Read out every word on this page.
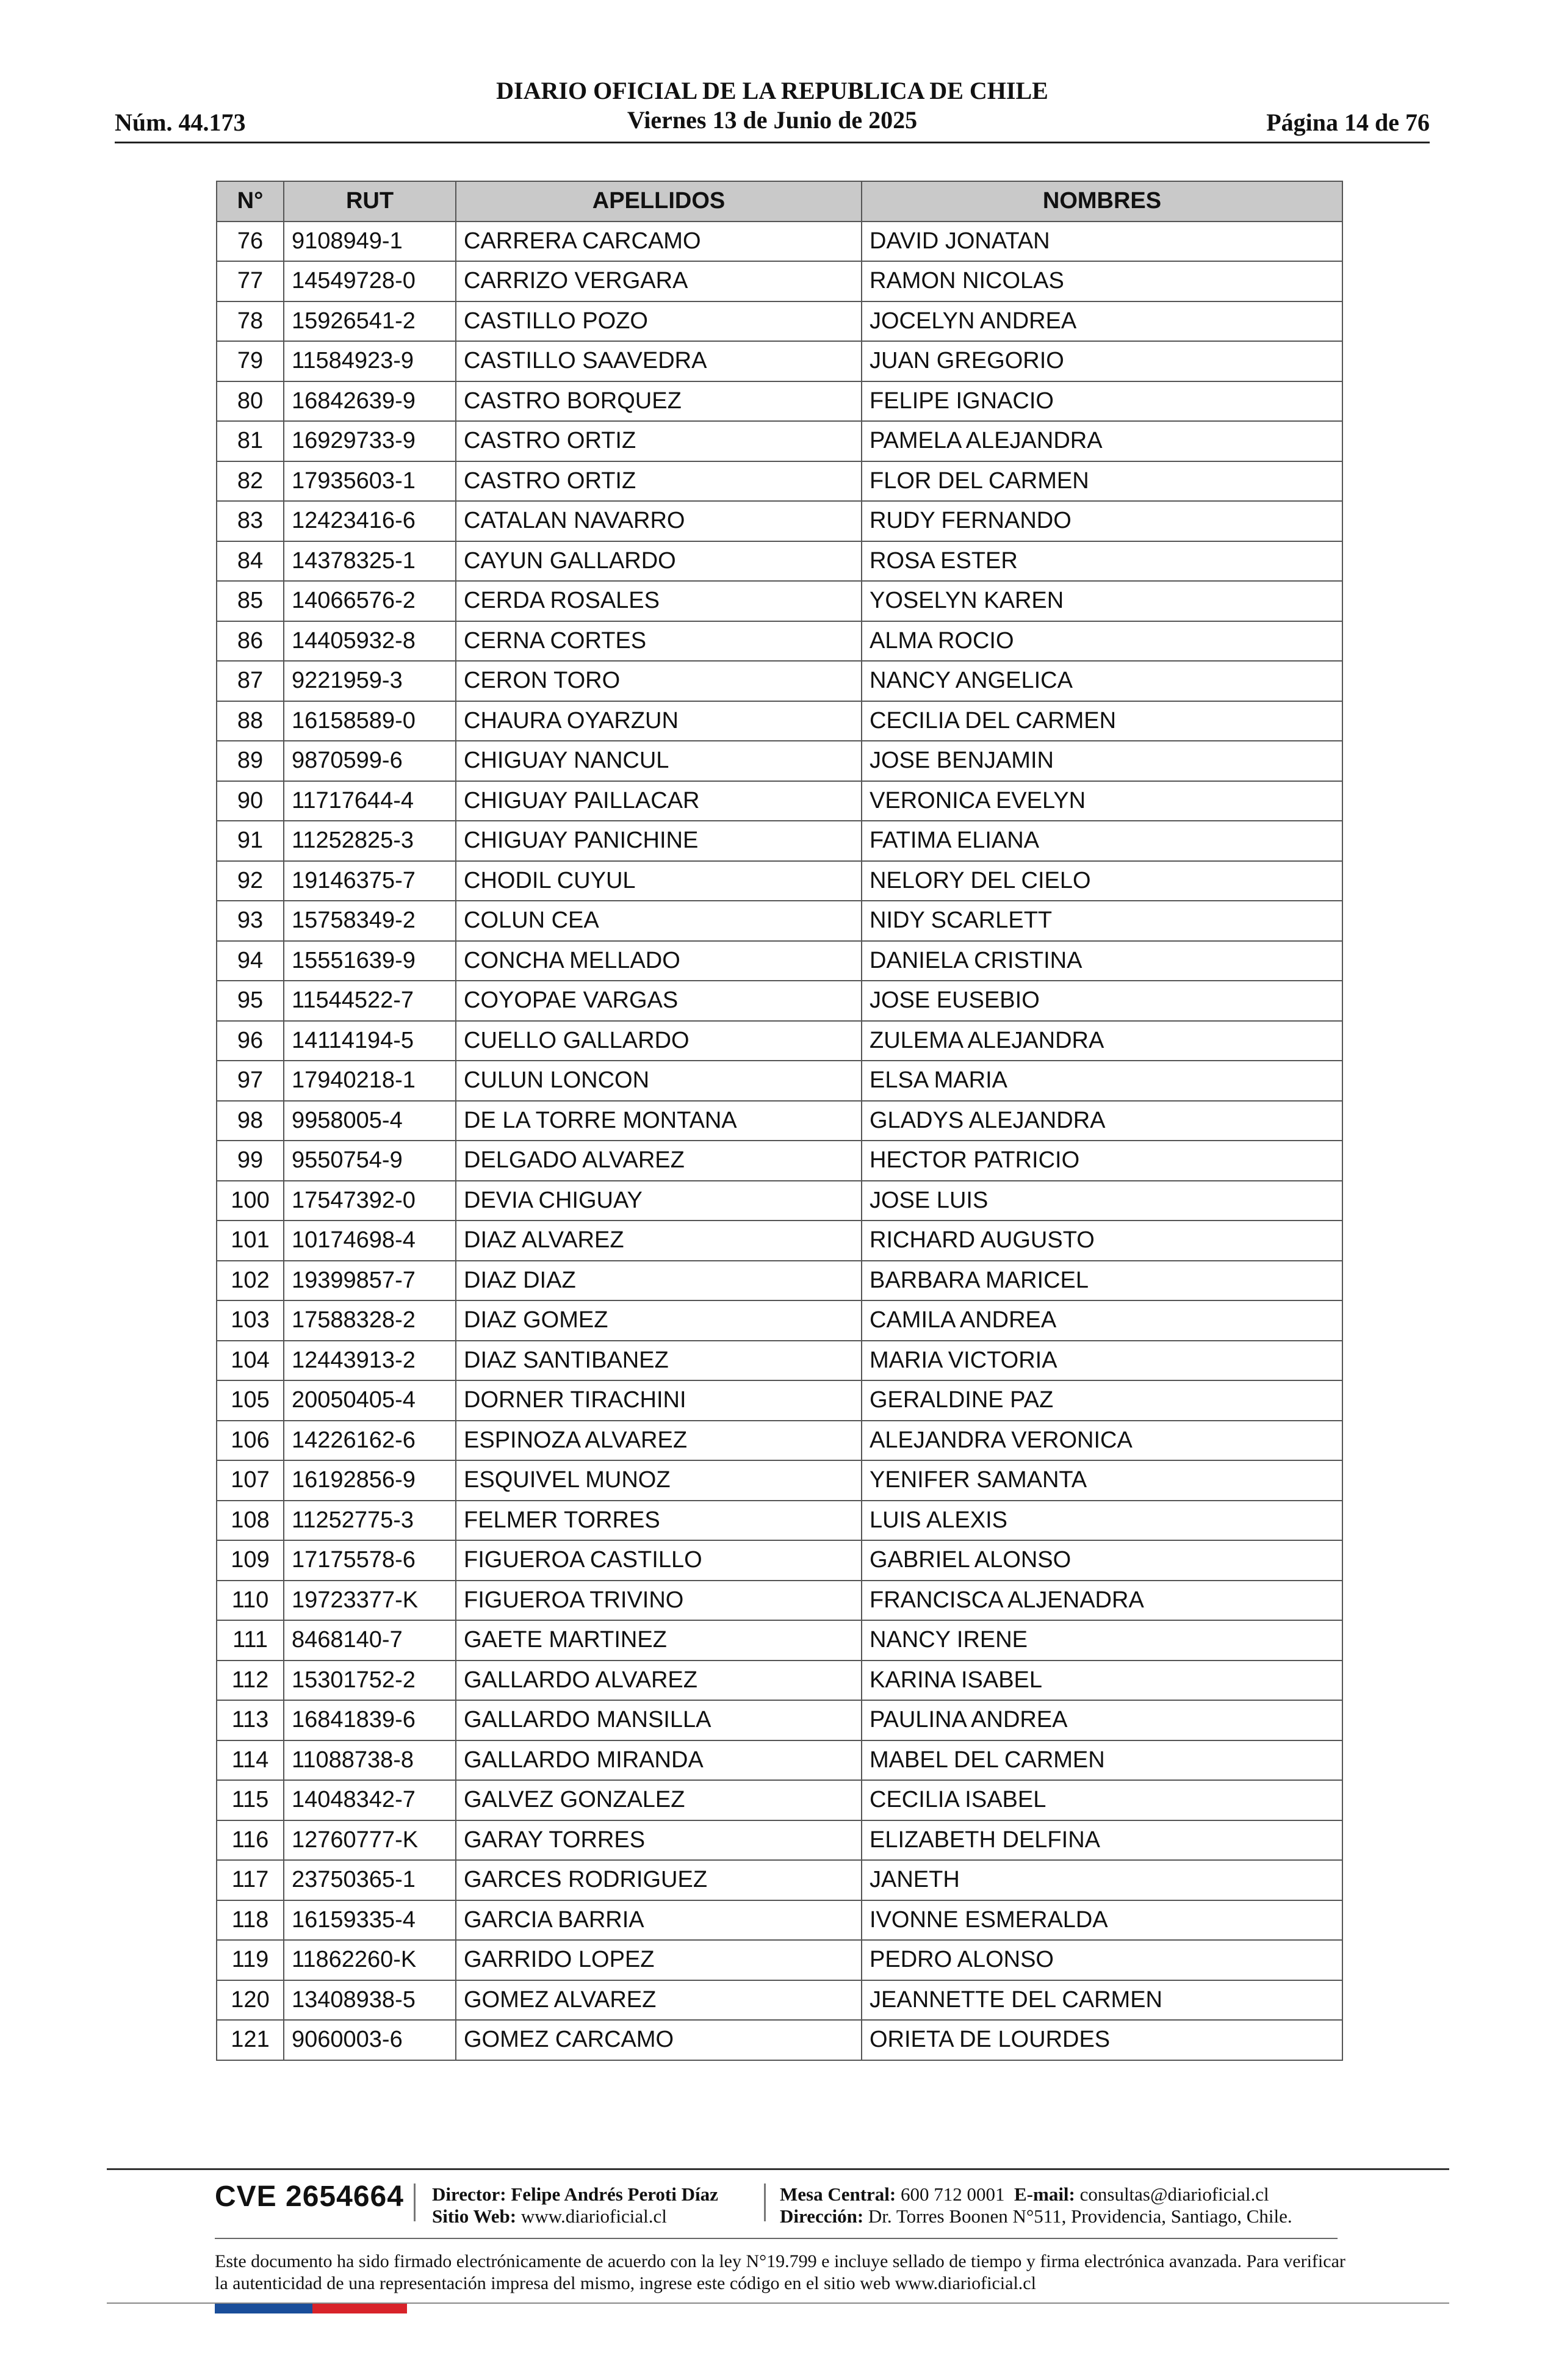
Núm. 44.173
DIARIO OFICIAL DE LA REPUBLICA DE CHILE
Viernes 13 de Junio de 2025	Página 14 de 76
N°	RUT	APELLIDOS	NOMBRES
76	9108949-1	CARRERA CARCAMO	DAVID JONATAN
77	14549728-0	CARRIZO VERGARA	RAMON NICOLAS
78	15926541-2	CASTILLO POZO	JOCELYN ANDREA
79	11584923-9	CASTILLO SAAVEDRA	JUAN GREGORIO
80	16842639-9	CASTRO BORQUEZ	FELIPE IGNACIO
81	16929733-9	CASTRO ORTIZ	PAMELA ALEJANDRA
82	17935603-1	CASTRO ORTIZ	FLOR DEL CARMEN
83	12423416-6	CATALAN NAVARRO	RUDY FERNANDO
84	14378325-1	CAYUN GALLARDO	ROSA ESTER
85	14066576-2	CERDA ROSALES	YOSELYN KAREN
86	14405932-8	CERNA CORTES	ALMA ROCIO
87	9221959-3	CERON TORO	NANCY ANGELICA
88	16158589-0	CHAURA OYARZUN	CECILIA DEL CARMEN
89	9870599-6	CHIGUAY NANCUL	JOSE BENJAMIN
90	11717644-4	CHIGUAY PAILLACAR	VERONICA EVELYN
91	11252825-3	CHIGUAY PANICHINE	FATIMA ELIANA
92	19146375-7	CHODIL CUYUL	NELORY DEL CIELO
93	15758349-2	COLUN CEA	NIDY SCARLETT
94	15551639-9	CONCHA MELLADO	DANIELA CRISTINA
95	11544522-7	COYOPAE VARGAS	JOSE EUSEBIO
96	14114194-5	CUELLO GALLARDO	ZULEMA ALEJANDRA
97	17940218-1	CULUN LONCON	ELSA MARIA
98	9958005-4	DE LA TORRE MONTANA	GLADYS ALEJANDRA
99	9550754-9	DELGADO ALVAREZ	HECTOR PATRICIO
100	17547392-0	DEVIA CHIGUAY	JOSE LUIS
101	10174698-4	DIAZ ALVAREZ	RICHARD AUGUSTO
102	19399857-7	DIAZ DIAZ	BARBARA MARICEL
103	17588328-2	DIAZ GOMEZ	CAMILA ANDREA
104	12443913-2	DIAZ SANTIBANEZ	MARIA VICTORIA
105	20050405-4	DORNER TIRACHINI	GERALDINE PAZ
106	14226162-6	ESPINOZA ALVAREZ	ALEJANDRA VERONICA
107	16192856-9	ESQUIVEL MUNOZ	YENIFER SAMANTA
108	11252775-3	FELMER TORRES	LUIS ALEXIS
109	17175578-6	FIGUEROA CASTILLO	GABRIEL ALONSO
110	19723377-K	FIGUEROA TRIVINO	FRANCISCA ALJENADRA
111	8468140-7	GAETE MARTINEZ	NANCY IRENE
112	15301752-2	GALLARDO ALVAREZ	KARINA ISABEL
113	16841839-6	GALLARDO MANSILLA	PAULINA ANDREA
114	11088738-8	GALLARDO MIRANDA	MABEL DEL CARMEN
115	14048342-7	GALVEZ GONZALEZ	CECILIA ISABEL
116	12760777-K	GARAY TORRES	ELIZABETH DELFINA
117	23750365-1	GARCES RODRIGUEZ	JANETH
118	16159335-4	GARCIA BARRIA	IVONNE ESMERALDA
119	11862260-K	GARRIDO LOPEZ	PEDRO ALONSO
120	13408938-5	GOMEZ ALVAREZ	JEANNETTE DEL CARMEN
121	9060003-6	GOMEZ CARCAMO	ORIETA DE LOURDES
CVE 2654664 Director: Felipe Andrés Peroti Díaz
Sitio Web: www.diarioficial.cl
Mesa Central: 600 712 0001 E-mail: consultas@diarioficial.cl
Dirección: Dr. Torres Boonen N°511, Providencia, Santiago, Chile.
Este documento ha sido firmado electrónicamente de acuerdo con la ley N°19.799 e incluye sellado de tiempo y firma electrónica avanzada. Para verificar la autenticidad de una representación impresa del mismo, ingrese este código en el sitio web www.diarioficial.cl
